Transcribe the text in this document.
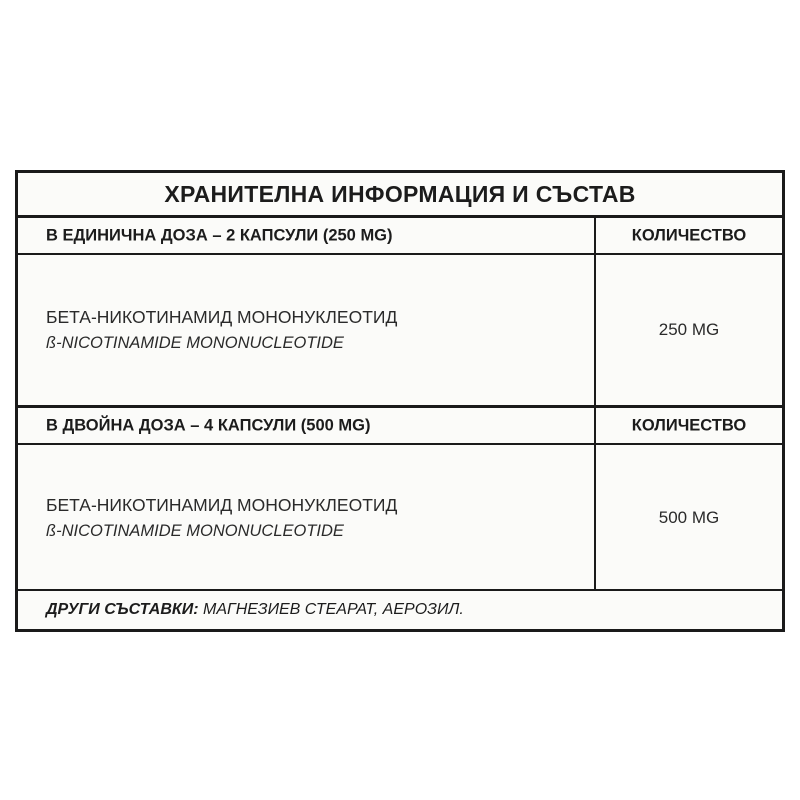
ХРАНИТЕЛНА ИНФОРМАЦИЯ И СЪСТАВ
В ЕДИНИЧНА ДОЗА – 2 КАПСУЛИ (250 MG)	КОЛИЧЕСТВО
БЕТА-НИКОТИНАМИД МОНОНУКЛЕОТИД
ß-NICOTINAMIDE MONONUCLEOTIDE
250 MG
В ДВОЙНА ДОЗА – 4 КАПСУЛИ (500 MG)	КОЛИЧЕСТВО
БЕТА-НИКОТИНАМИД МОНОНУКЛЕОТИД
ß-NICOTINAMIDE MONONUCLEOTIDE
500 MG
ДРУГИ СЪСТАВКИ: МАГНЕЗИЕВ СТЕАРАТ, АЕРОЗИЛ.
